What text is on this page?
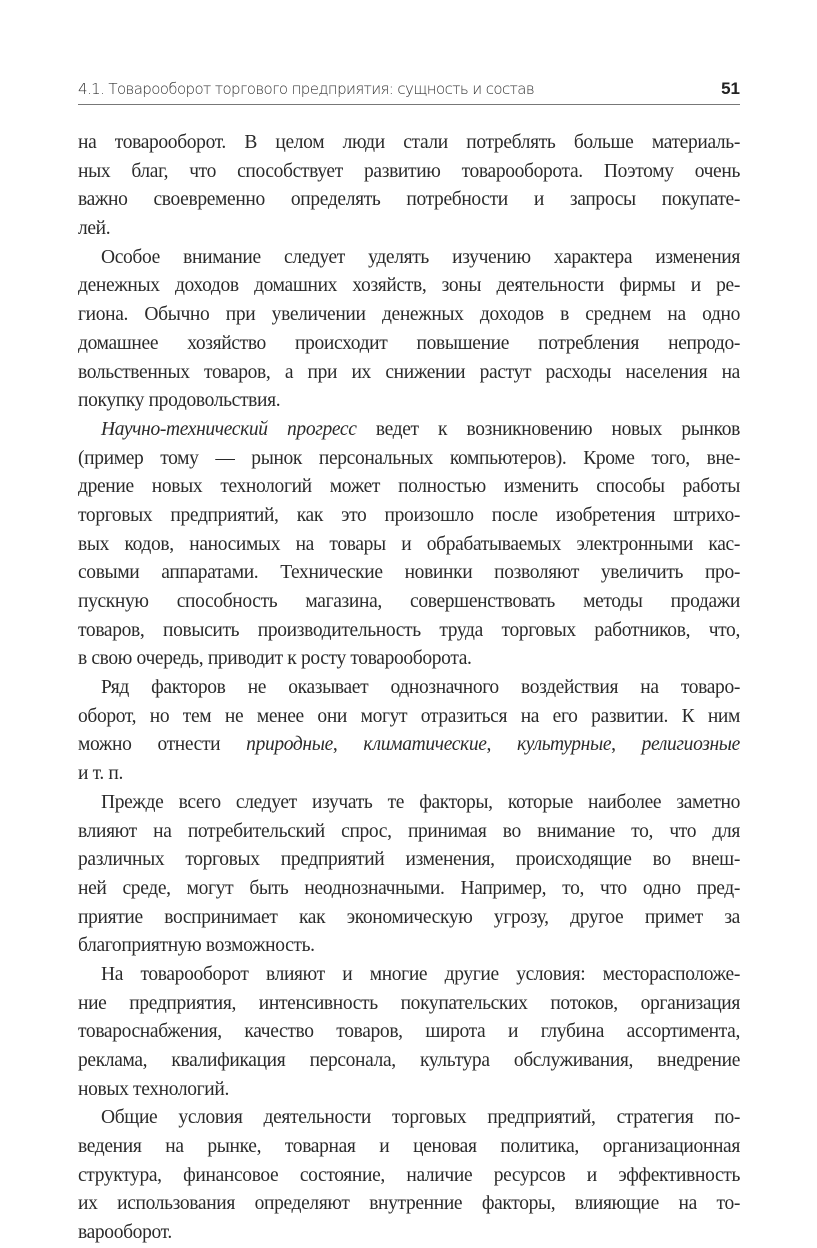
4.1. Товарооборот торгового предприятия: сущность и состав	51
на товарооборот. В целом люди стали потреблять больше материаль-
ных благ, что способствует развитию товарооборота. Поэтому очень
важно своевременно определять потребности и запросы покупате-
лей.
Особое внимание следует уделять изучению характера изменения
денежных доходов домашних хозяйств, зоны деятельности фирмы и ре-
гиона. Обычно при увеличении денежных доходов в среднем на одно
домашнее хозяйство происходит повышение потребления непродо-
вольственных товаров, а при их снижении растут расходы населения на
покупку продовольствия.
Научно-технический прогресс ведет к возникновению новых рынков
(пример тому — рынок персональных компьютеров). Кроме того, вне-
дрение новых технологий может полностью изменить способы работы
торговых предприятий, как это произошло после изобретения штрихо-
вых кодов, наносимых на товары и обрабатываемых электронными кас-
совыми аппаратами. Технические новинки позволяют увеличить про-
пускную способность магазина, совершенствовать методы продажи
товаров, повысить производительность труда торговых работников, что,
в свою очередь, приводит к росту товарооборота.
Ряд факторов не оказывает однозначного воздействия на товаро-
оборот, но тем не менее они могут отразиться на его развитии. К ним
можно отнести природные, климатические, культурные, религиозные
и т. п.
Прежде всего следует изучать те факторы, которые наиболее заметно
влияют на потребительский спрос, принимая во внимание то, что для
различных торговых предприятий изменения, происходящие во внеш-
ней среде, могут быть неоднозначными. Например, то, что одно пред-
приятие воспринимает как экономическую угрозу, другое примет за
благоприятную возможность.
На товарооборот влияют и многие другие условия: месторасположе-
ние предприятия, интенсивность покупательских потоков, организация
товароснабжения, качество товаров, широта и глубина ассортимента,
реклама, квалификация персонала, культура обслуживания, внедрение
новых технологий.
Общие условия деятельности торговых предприятий, стратегия по-
ведения на рынке, товарная и ценовая политика, организационная
структура, финансовое состояние, наличие ресурсов и эффективность
их использования определяют внутренние факторы, влияющие на то-
варооборот.
